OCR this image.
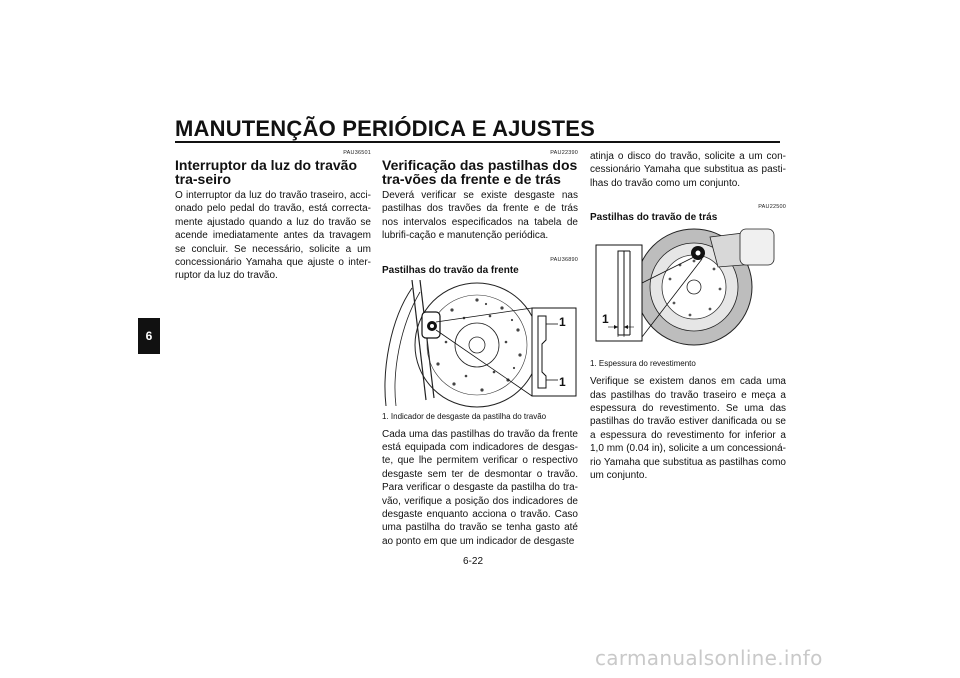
MANUTENÇÃO PERIÓDICA E AJUSTES
6
PAU36501
Interruptor da luz do travão tra-seiro

O interruptor da luz do travão traseiro, acci-onado pelo pedal do travão, está correcta-mente ajustado quando a luz do travão se acende imediatamente antes da travagem se concluir. Se necessário, solicite a um concessionário Yamaha que ajuste o inter-ruptor da luz do travão.

PAU22390
Verificação das pastilhas dos tra-vões da frente e de trás

Deverá verificar se existe desgaste nas pastilhas dos travões da frente e de trás nos intervalos especificados na tabela de lubrifi-cação e manutenção periódica.

PAU36890
Pastilhas do travão da frente
1
1
1. Indicador de desgaste da pastilha do travão

Cada uma das pastilhas do travão da frente está equipada com indicadores de desgas-te, que lhe permitem verificar o respectivo desgaste sem ter de desmontar o travão. Para verificar o desgaste da pastilha do tra-vão, verifique a posição dos indicadores de desgaste enquanto acciona o travão. Caso uma pastilha do travão se tenha gasto até ao ponto em que um indicador de desgaste

atinja o disco do travão, solicite a um con-cessionário Yamaha que substitua as pasti-lhas do travão como um conjunto.

PAU22500
Pastilhas do travão de trás
1
1. Espessura do revestimento

Verifique se existem danos em cada uma das pastilhas do travão traseiro e meça a espessura do revestimento. Se uma das pastilhas do travão estiver danificada ou se a espessura do revestimento for inferior a 1,0 mm (0.04 in), solicite a um concessioná-rio Yamaha que substitua as pastilhas como um conjunto.

6-22
carmanualsonline.info
